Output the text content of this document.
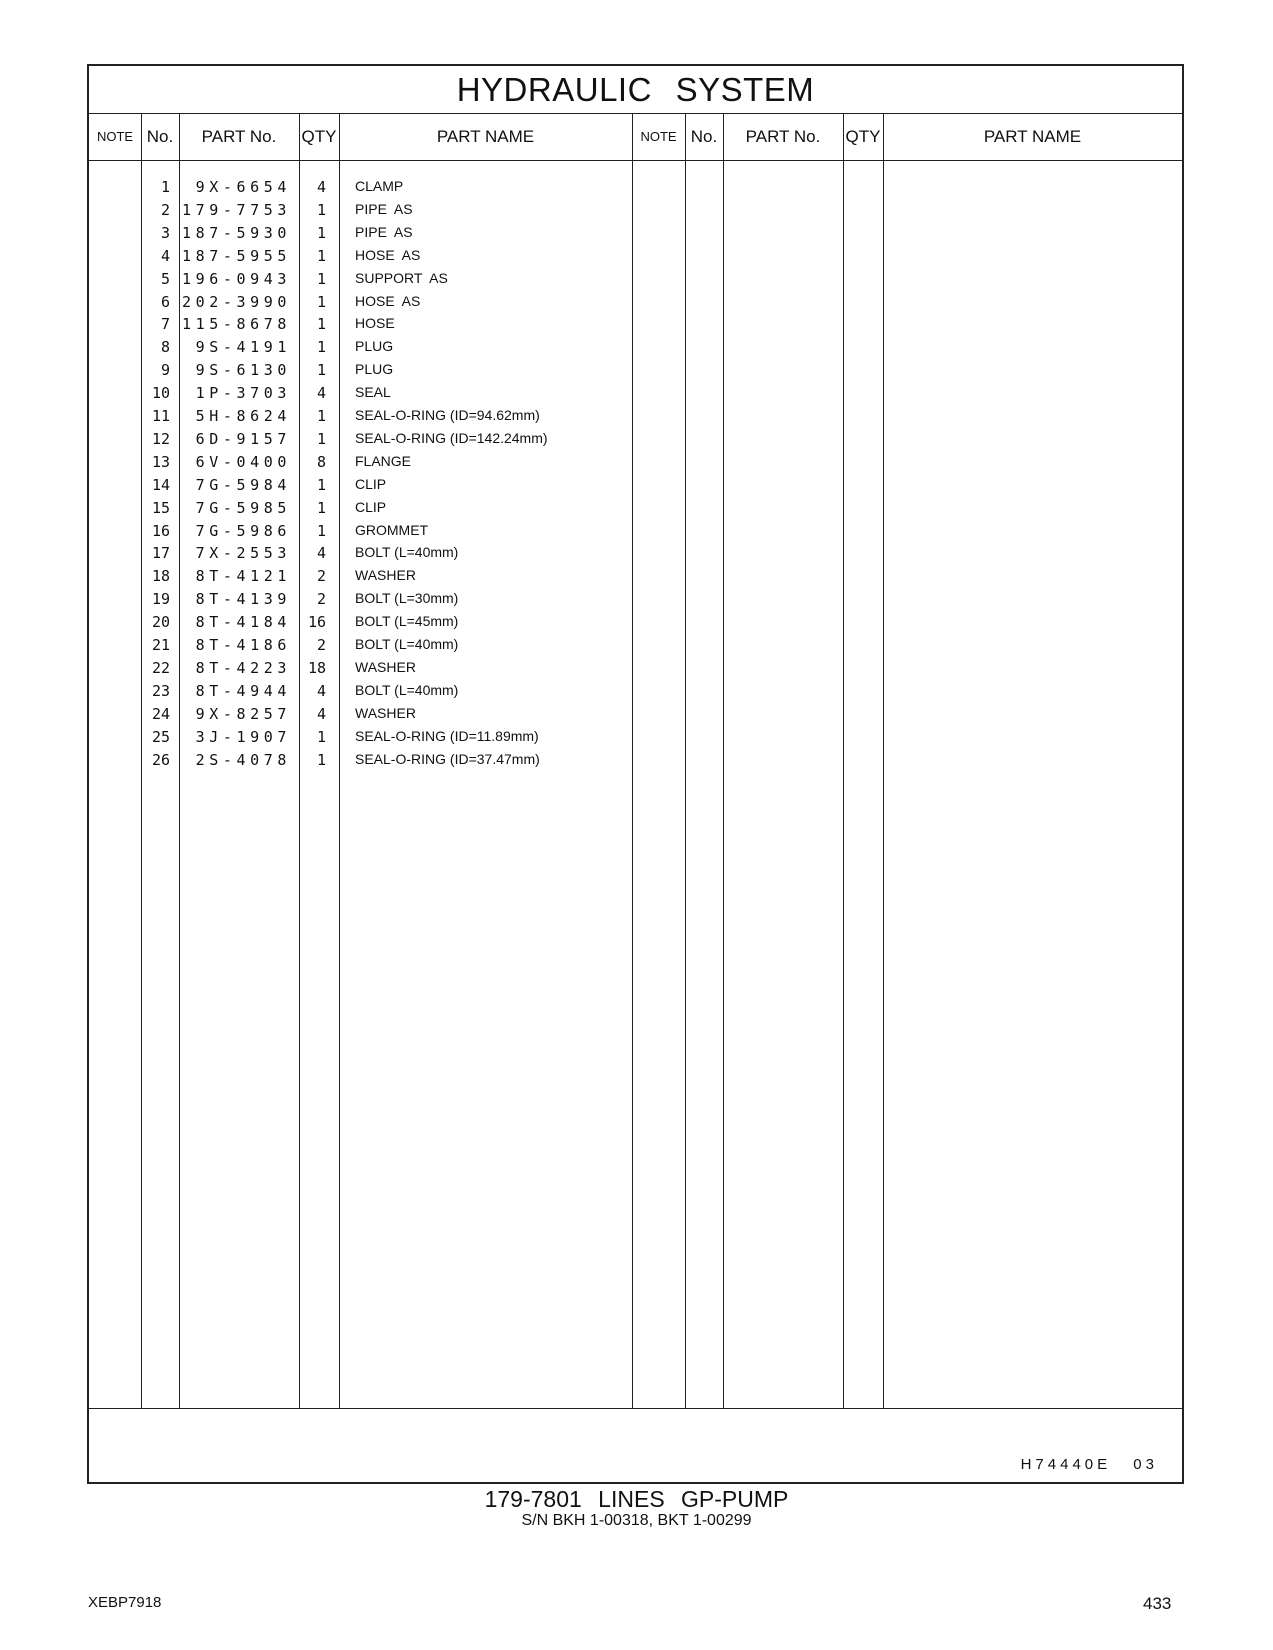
HYDRAULIC SYSTEM
NOTE No.	PART No.	QTY	PART NAME	NOTE No.	PART No.	QTY	PART NAME
1	9X-6654	4 CLAMP
2 179-7753	1 PIPE  AS
3 187-5930	1 PIPE  AS
4 187-5955	1 HOSE  AS
5 196-0943	1 SUPPORT  AS
6 202-3990	1 HOSE  AS
7 115-8678	1 HOSE
8	9S-4191	1 PLUG
9	9S-6130	1 PLUG
10	1P-3703	4 SEAL
11	5H-8624	1 SEAL-O-RING (ID=94.62mm)
12	6D-9157	1 SEAL-O-RING (ID=142.24mm)
13	6V-0400	8 FLANGE
14	7G-5984	1 CLIP
15	7G-5985	1 CLIP
16	7G-5986	1 GROMMET
17	7X-2553	4 BOLT (L=40mm)
18	8T-4121	2 WASHER
19	8T-4139	2 BOLT (L=30mm)
20	8T-4184	16 BOLT (L=45mm)
21	8T-4186	2 BOLT (L=40mm)
22	8T-4223	18 WASHER
23	8T-4944	4 BOLT (L=40mm)
24	9X-8257	4 WASHER
25	3J-1907	1 SEAL-O-RING (ID=11.89mm)
26	2S-4078	1 SEAL-O-RING (ID=37.47mm)
H74440E 03
179-7801 LINES GP-PUMP
S/N BKH 1-00318, BKT 1-00299
XEBP7918	433
